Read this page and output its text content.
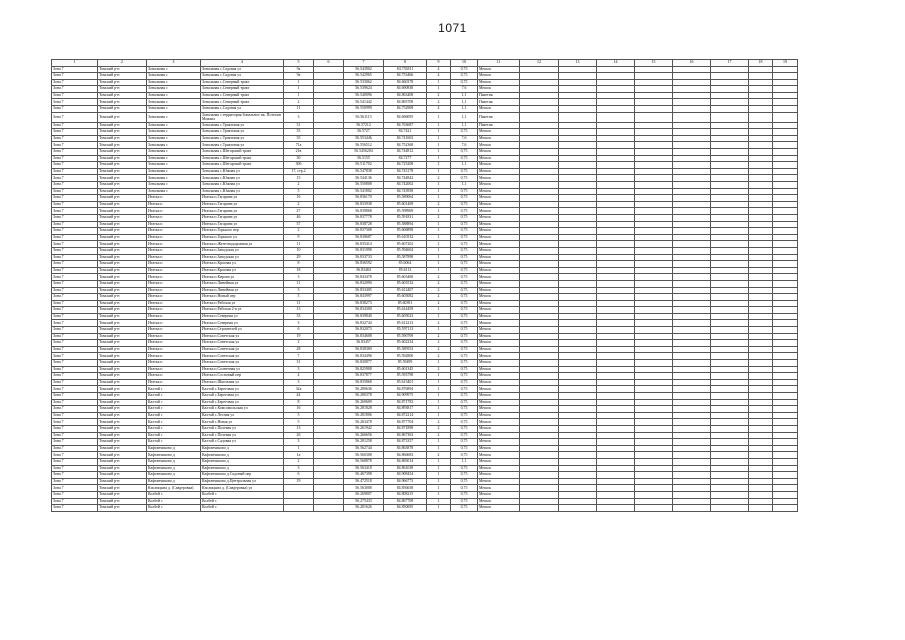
1071
1	2	3	4	5	6	7	8	9	10	11	12	13	14	15	16	17	18	19
Зона 7	Томский р-н	Зональная с	Зональная с.Садовая ул	9а		56.543902	84.755811	4	0,75	Мешок								
Зона 7	Томский р-н	Зональная с	Зональная с.Садовая ул	9а		56.542965	84.753466	4	0,75	Мешок								
Зона 7	Томский р-н	Зональная с	Зональная с.Северный тракт	1		56.533062	84.660378	1	0,75	Мешок								
Зона 7	Томский р-н	Зональная с	Зональная с.Северный тракт	1		56.539624	84.690838	1	7,6	Мешок								
Зона 7	Томский р-н	Зональная с	Зональная с.Северный тракт	1		56.540096	84.863408	2	1,1	Пакетик								
Зона 7	Томский р-н	Зональная с	Зональная с.Северный тракт	2		56.541442	84.865708	2	1,1	Пакетик								
Зона 7	Томский р-н	Зональная с	Зональная с.Садовая ул	11		56.550999	84.752908	4	1,1	Мешок								
Зона 7	Томский р-н	Зональная с	Зональная с.территория Зональное ик. Потехин Михаил	3		56.561113	84.696095	1	1,1	Пакетик								
Зона 7	Томский р-н	Зональная с	Зональная с.Трактовая ул	31		56.57212	84.763687	1	1,1	Пакетик								
Зона 7	Томский р-н	Зональная с	Зональная с.Трактовая ул	35		56.5727	84.7421	1	0,75	Мешок								
Зона 7	Томский р-н	Зональная с	Зональная с.Трактовая ул	35		56.553446	84.741603	1	7,6	Мешок								
Зона 7	Томский р-н	Зональная с	Зональная с.Трактовая ул	71а		56.556512	84.752368	1	7,6	Мешок								
Зона 7	Томский р-н	Зональная с	Зональная с.Шегарский тракт	21в		56.5456204	84.744812	1	0,75	Мешок								
Зона 7	Томский р-н	Зональная с	Зональная с.Шегарский тракт	30		56.5155	84.7277	1	0,75	Мешок								
Зона 7	Томский р-н	Зональная с	Зональная с.Шегарский тракт	306		56.511702	84.725208	1	1,1	Мешок								
Зона 7	Томский р-н	Зональная с	Зональная с.Южная ул	17, стр.2		56.547838	84.743178	1	0,75	Мешок								
Зона 7	Томский р-н	Зональная с	Зональная с.Южная ул	15		56.544136	84.744842	2	0,75	Мешок								
Зона 7	Томский р-н	Зональная с	Зональная с.Южная ул	2		56.550808	84.742002	1	1,1	Мешок								
Зона 7	Томский р-н	Зональная с	Зональная с.Южная ул	5		56.541802	84.743958	1	0,75	Мешок								
Зона 7	Томский р-н	Итатка п	Итатка п.Гагарина ул	16		56.836170	85.589064	1	0,75	Мешок								
Зона 7	Томский р-н	Итатка п	Итатка п.Гагарина ул	2		56.833938	85.601469	2	0,75	Мешок								
Зона 7	Томский р-н	Итатка п	Итатка п.Гагарина ул	27		56.839868	85.598969	1	0,75	Мешок								
Зона 7	Томский р-н	Итатка п	Итатка п.Гагарина ул	46		56.837778	85.591831	2	0,75	Мешок								
Зона 7	Томский р-н	Итатка п	Итатка п.Гагарина ул	57		56.838728	85.588894	1	0,75	Мешок								
Зона 7	Томский р-н	Итатка п	Итатка п.Горького пер	2		56.837308	85.606898	1	0,75	Мешок								
Зона 7	Томский р-н	Итатка п	Итатка п.Горького ул	9		56.838687	85.610532	1	0,75	Мешок								
Зона 7	Томский р-н	Итатка п	Итатка п.Железнодорожная ул	11		56.835414	85.607202	1	0,75	Мешок								
Зона 7	Томский р-н	Итатка п	Итатка п.Заводская ул	10		56.831998	85.594604	1	0,75	Мешок								
Зона 7	Томский р-н	Итатка п	Итатка п.Заводская ул	29		56.833733	85.587898	1	0,75	Мешок								
Зона 7	Томский р-н	Итатка п	Итатка п.Красная ул	8		56.836592	85.6064	1	0,75	Мешок								
Зона 7	Томский р-н	Итатка п	Итатка п.Красная ул	18		56.83484	85.6113	1	0,75	Мешок								
Зона 7	Томский р-н	Итатка п	Итатка п.Кирова ул	3		56.843478	85.603460	2	0,75	Мешок								
Зона 7	Томский р-н	Итатка п	Итатка п.Линейная ул	11		56.832090	85.603532	2	0,75	Мешок								
Зона 7	Томский р-н	Итатка п	Итатка п.Линейная ул	3		56.833405	85.612407	2	0,75	Мешок								
Зона 7	Томский р-н	Итатка п	Итатка п.Новый пер	5		56.843997	85.605082	2	0,75	Мешок								
Зона 7	Томский р-н	Итатка п	Итатка п.Рабочая ул	11		56.838273	85.60391	2	0,75	Мешок								
Зона 7	Томский р-н	Итатка п	Итатка п.Рабочая 2-я ул	13		56.834300	85.614459	1	0,75	Мешок								
Зона 7	Томский р-н	Итатка п	Итатка п.Северная ул	33		56.839840	85.605023	1	0,75	Мешок								
Зона 7	Томский р-н	Итатка п	Итатка п.Северная ул	3		56.832744	85.612213	2	0,75	Мешок								
Зона 7	Томский р-н	Итатка п	Итатка п.Строителей ул	6		56.832073	85.597113	1	0,75	Мешок								
Зона 7	Томский р-н	Итатка п	Итатка п.Советская ул	19		56.834608	85.590769	2	0,75	Мешок								
Зона 7	Томский р-н	Итатка п	Итатка п.Советская ул	2		56.83457	85.602234	2	0,75	Мешок								
Зона 7	Томский р-н	Итатка п	Итатка п.Советская ул	28		56.838369	85.589553	2	0,75	Мешок								
Зона 7	Томский р-н	Итатка п	Итатка п.Советская ул	7		56.834496	85.592806	2	0,75	Мешок								
Зона 7	Томский р-н	Итатка п	Итатка п.Советская ул	31		56.830877	85.59499	1	0,75	Мешок								
Зона 7	Томский р-н	Итатка п	Итатка п.Солнечная ул	3		56.825908	85.601345	2	0,75	Мешок								
Зона 7	Томский р-н	Итатка п	Итатка п.Сосновый пер	4		56.837877	85.593798	1	0,75	Мешок								
Зона 7	Томский р-н	Итатка п	Итатка п.Школьная ул	3		56.835868	85.613401	1	0,75	Мешок								
Зона 7	Томский р-н	Калтай с	Калтай с.Береговая ул	32а		56.280636	84.876894	1	0,75	Мешок								
Зона 7	Томский р-н	Калтай с	Калтай с.Береговая ул	44		56.280378	84.909975	1	0,75	Мешок								
Зона 7	Томский р-н	Калтай с	Калтай с.Береговая ул	8		56.269609	84.871783	1	0,75	Мешок								
Зона 7	Томский р-н	Калтай с	Калтай с.Комсомольская ул	16		56.281828	84.893817	1	0,75	Мешок								
Зона 7	Томский р-н	Калтай с	Калтай с.Лесная ул	5		56.281806	84.872214	1	0,75	Мешок								
Зона 7	Томский р-н	Калтай с	Калтай с.Новая ул	5		56.263478	84.877704	2	0,75	Мешок								
Зона 7	Томский р-н	Калтай с	Калтай с.Полевая ул	13		56.261942	84.871898	2	0,75	Мешок								
Зона 7	Томский р-н	Калтай с	Калтай с.Полевая ул	26		56.266656	84.867363	2	0,75	Мешок								
Зона 7	Томский р-н	Калтай с	Калтай с.Садовая ул	3		56.281258	84.873357	1	0,75	Мешок								
Зона 7	Томский р-н	Кафтанчиково д	Кафтанчиково д	1		56.562744	84.863878	1	0,75	Мешок								
Зона 7	Томский р-н	Кафтанчиково д	Кафтанчиково д	1а		56.560308	84.866683	2	0,75	Мешок								
Зона 7	Томский р-н	Кафтанчиково д	Кафтанчиково д	2		56.568878	84.865014	1	1,1	Мешок								
Зона 7	Томский р-н	Кафтанчиково д	Кафтанчиково д	3		56.563418	84.861038	1	0,75	Мешок								
Зона 7	Томский р-н	Кафтанчиково д	Кафтанчиково д.Садовый пер	6		56.467398	84.908454	1	0,75	Мешок								
Зона 7	Томский р-н	Кафтанчиково д	Кафтанчиково д.Центральная ул	19		56.472518	84.966773	1	0,75	Мешок								
Зона 7	Томский р-н	Кислицына д. (Савдеровка)	Кислицына д. (Савдеровка) ул			56.563008	84.856658	1	0,75	Мешок								
Зона 7	Томский р-н	Колбей с	Колбей с			56.269807	84.808215	1	0,75	Мешок								
Зона 7	Томский р-н	Колбей с	Колбей с			56.275433	84.867708	1	0,75	Мешок								
Зона 7	Томский р-н	Колбей с	Колбей с			56.281626	84.850695	1	0,75	Мешок								
